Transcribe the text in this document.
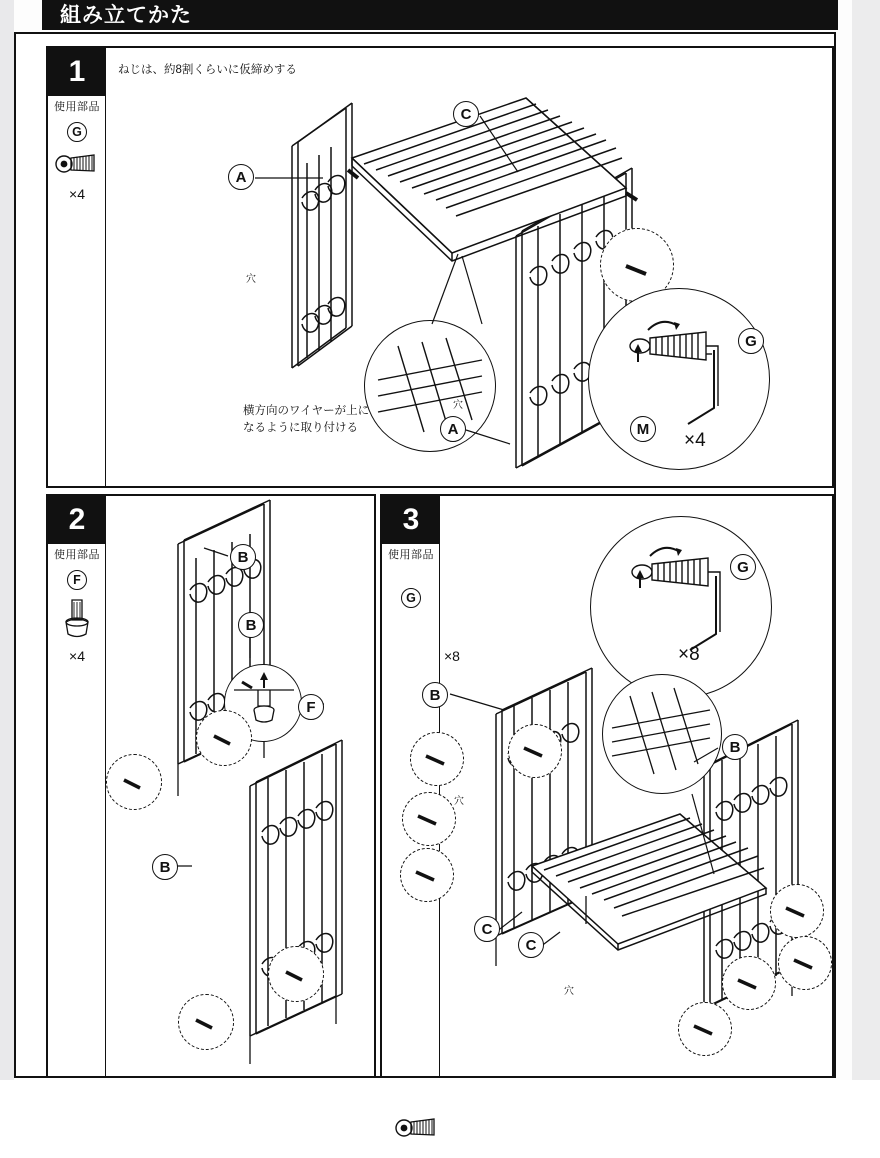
組み立てかた
1
使用部品
G
×4
ねじは、約8割くらいに仮締めする
横方向のワイヤーが上に
なるように取り付ける
穴
穴
A
C
A
G
M
×4
2
使用部品
F
×4
B
B
F
B
3
使用部品
G
×8
G
×8
穴
穴
B
B
C
C
